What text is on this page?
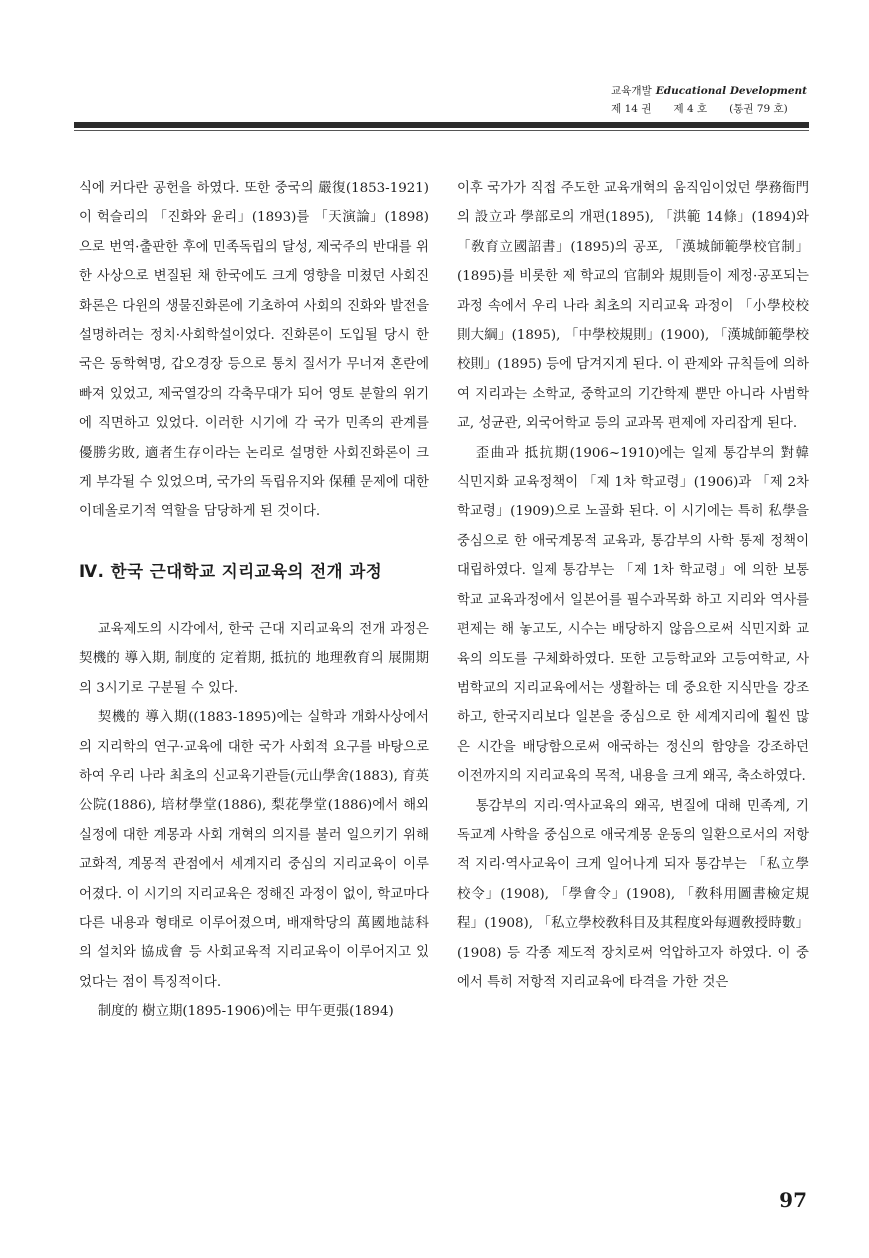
교육개발 Educational Development
제 14 권 제 4 호 (통권 79 호)

식에 커다란 공헌을 하였다. 또한 중국의 嚴復(1853-1921)이 헉슬리의 「진화와 윤리」(1893)를 「天演論」(1898)으로 번역·출판한 후에 민족독립의 달성, 제국주의 반대를 위한 사상으로 변질된 채 한국에도 크게 영향을 미쳤던 사회진화론은 다윈의 생물진화론에 기초하여 사회의 진화와 발전을 설명하려는 정치·사회학설이었다. 진화론이 도입될 당시 한국은 동학혁명, 갑오경장 등으로 통치 질서가 무너져 혼란에 빠져 있었고, 제국열강의 각축무대가 되어 영토 분할의 위기에 직면하고 있었다. 이러한 시기에 각 국가 민족의 관계를 優勝劣敗, 適者生存이라는 논리로 설명한 사회진화론이 크게 부각될 수 있었으며, 국가의 독립유지와 保種 문제에 대한 이데올로기적 역할을 담당하게 된 것이다.

Ⅳ. 한국 근대학교 지리교육의 전개 과정

교육제도의 시각에서, 한국 근대 지리교육의 전개 과정은 契機的 導入期, 制度的 定着期, 抵抗的 地理敎育의 展開期의 3시기로 구분될 수 있다.

契機的 導入期((1883-1895)에는 실학과 개화사상에서의 지리학의 연구·교육에 대한 국가 사회적 요구를 바탕으로 하여 우리 나라 최초의 신교육기관들(元山學舍(1883), 育英公院(1886), 培材學堂(1886), 梨花學堂(1886)에서 해외 실정에 대한 계몽과 사회 개혁의 의지를 불러 일으키기 위해 교화적, 계몽적 관점에서 세계지리 중심의 지리교육이 이루어졌다. 이 시기의 지리교육은 정해진 과정이 없이, 학교마다 다른 내용과 형태로 이루어졌으며, 배재학당의 萬國地誌科의 설치와 協成會 등 사회교육적 지리교육이 이루어지고 있었다는 점이 특징적이다.

制度的 樹立期(1895-1906)에는 甲午更張(1894)

이후 국가가 직접 주도한 교육개혁의 움직임이었던 學務衙門의 設立과 學部로의 개편(1895), 「洪範 14條」(1894)와 「敎育立國詔書」(1895)의 공포, 「漢城師範學校官制」(1895)를 비롯한 제 학교의 官制와 規則들이 제정·공포되는 과정 속에서 우리 나라 최초의 지리교육 과정이 「小學校校則大綱」(1895), 「中學校規則」(1900), 「漢城師範學校校則」(1895) 등에 담겨지게 된다. 이 관제와 규칙들에 의하여 지리과는 소학교, 중학교의 기간학제 뿐만 아니라 사범학교, 성균관, 외국어학교 등의 교과목 편제에 자리잡게 된다.

歪曲과 抵抗期(1906~1910)에는 일제 통감부의 對韓 식민지화 교육정책이 「제 1차 학교령」(1906)과 「제 2차 학교령」(1909)으로 노골화 된다. 이 시기에는 특히 私學을 중심으로 한 애국계몽적 교육과, 통감부의 사학 통제 정책이 대립하였다. 일제 통감부는 「제 1차 학교령」에 의한 보통학교 교육과정에서 일본어를 필수과목화 하고 지리와 역사를 편제는 해 놓고도, 시수는 배당하지 않음으로써 식민지화 교육의 의도를 구체화하였다. 또한 고등학교와 고등여학교, 사범학교의 지리교육에서는 생활하는 데 중요한 지식만을 강조하고, 한국지리보다 일본을 중심으로 한 세계지리에 훨씬 많은 시간을 배당함으로써 애국하는 정신의 함양을 강조하던 이전까지의 지리교육의 목적, 내용을 크게 왜곡, 축소하였다.

통감부의 지리·역사교육의 왜곡, 변질에 대해 민족계, 기독교계 사학을 중심으로 애국계몽 운동의 일환으로서의 저항적 지리·역사교육이 크게 일어나게 되자 통감부는 「私立學校令」(1908), 「學會令」(1908), 「敎科用圖書檢定規程」(1908), 「私立學校敎科目及其程度와每週敎授時數」(1908) 등 각종 제도적 장치로써 억압하고자 하였다. 이 중에서 특히 저항적 지리교육에 타격을 가한 것은

97
